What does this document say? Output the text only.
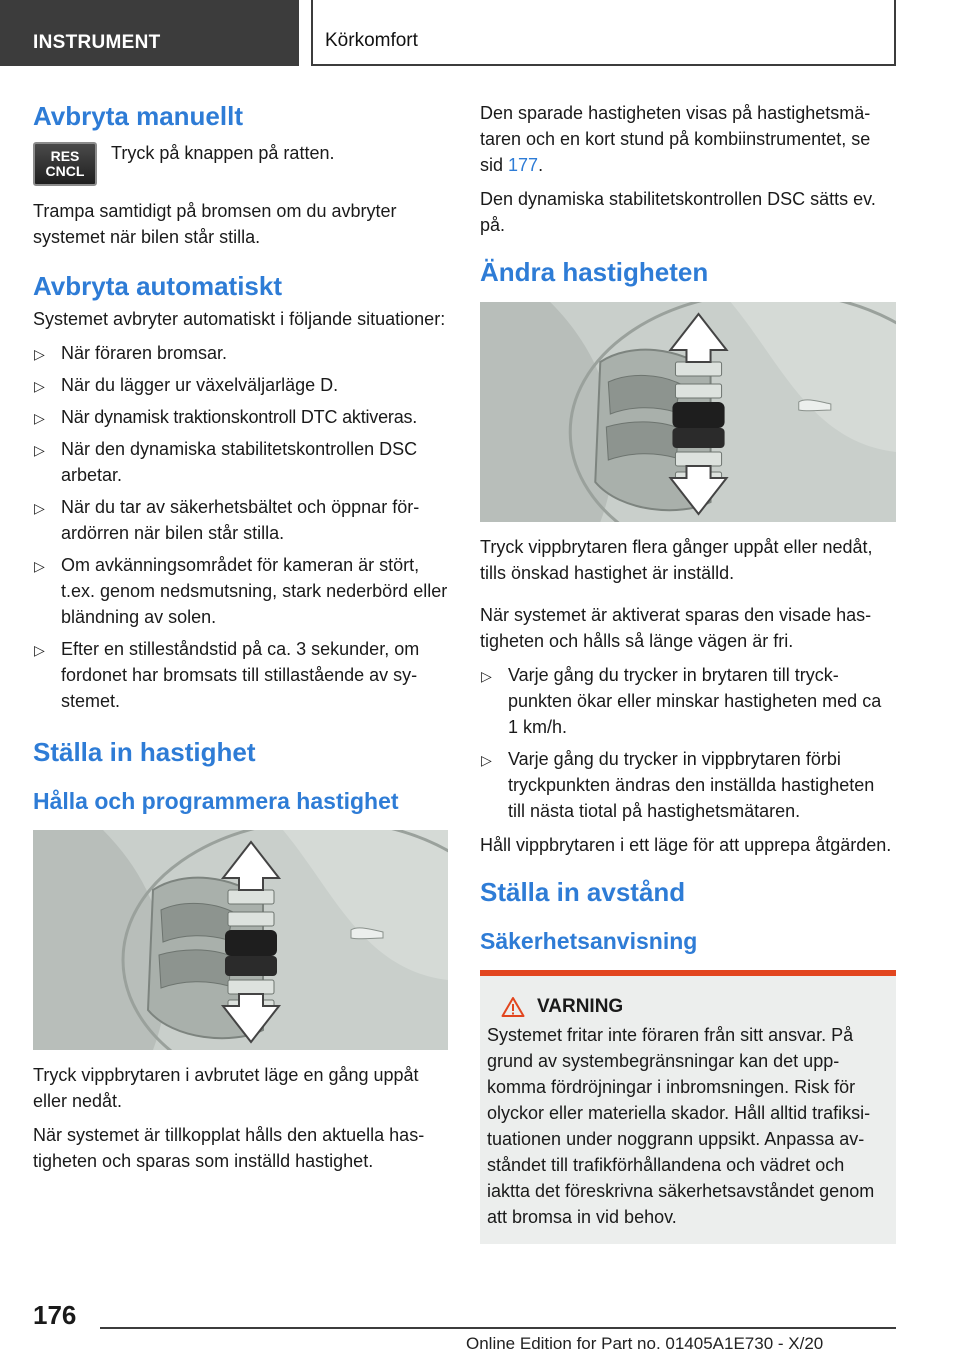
INSTRUMENT	Körkomfort
Avbryta manuellt
RES
CNCL

Tryck på knappen på ratten.

Trampa samtidigt på bromsen om du avbryter systemet när bilen står stilla.

Avbryta automatiskt

Systemet avbryter automatiskt i följande situationer:

▷ När föraren bromsar.
▷ När du lägger ur växelväljarläge D.
▷ När dynamisk traktionskontroll DTC aktiveras.
▷ När den dynamiska stabilitetskontrollen DSC arbetar.
▷ När du tar av säkerhetsbältet och öppnar förardörren när bilen står stilla.
▷ Om avkänningsområdet för kameran är stört, t.ex. genom nedsmutsning, stark nederbörd eller bländning av solen.
▷ Efter en stilleståndstid på ca. 3 sekunder, om fordonet har bromsats till stillastående av systemet.
Ställa in hastighet
Hålla och programmera hastighet

Tryck vippbrytaren i avbrutet läge en gång uppåt eller nedåt.

När systemet är tillkopplat hålls den aktuella hastigheten och sparas som inställd hastighet.

Den sparade hastigheten visas på hastighetsmätaren och en kort stund på kombiinstrumentet, se sid 177.

Den dynamiska stabilitetskontrollen DSC sätts ev. på.

Ändra hastigheten

Tryck vippbrytaren flera gånger uppåt eller nedåt, tills önskad hastighet är inställd.

När systemet är aktiverat sparas den visade hastigheten och hålls så länge vägen är fri.

▷ Varje gång du trycker in brytaren till tryckpunkten ökar eller minskar hastigheten med ca 1 km/h.
▷ Varje gång du trycker in vippbrytaren förbi tryckpunkten ändras den inställda hastigheten till nästa tiotal på hastighetsmätaren.

Håll vippbrytaren i ett läge för att upprepa åtgärden.

Ställa in avstånd
Säkerhetsanvisning
VARNING

Systemet fritar inte föraren från sitt ansvar. På grund av systembegränsningar kan det uppkomma fördröjningar i inbromsningen. Risk för olyckor eller materiella skador. Håll alltid trafiksituationen under noggrann uppsikt. Anpassa avståndet till trafikförhållandena och vädret och iaktta det föreskrivna säkerhetsavståndet genom att bromsa in vid behov.

176
Online Edition for Part no. 01405A1E730 - X/20
